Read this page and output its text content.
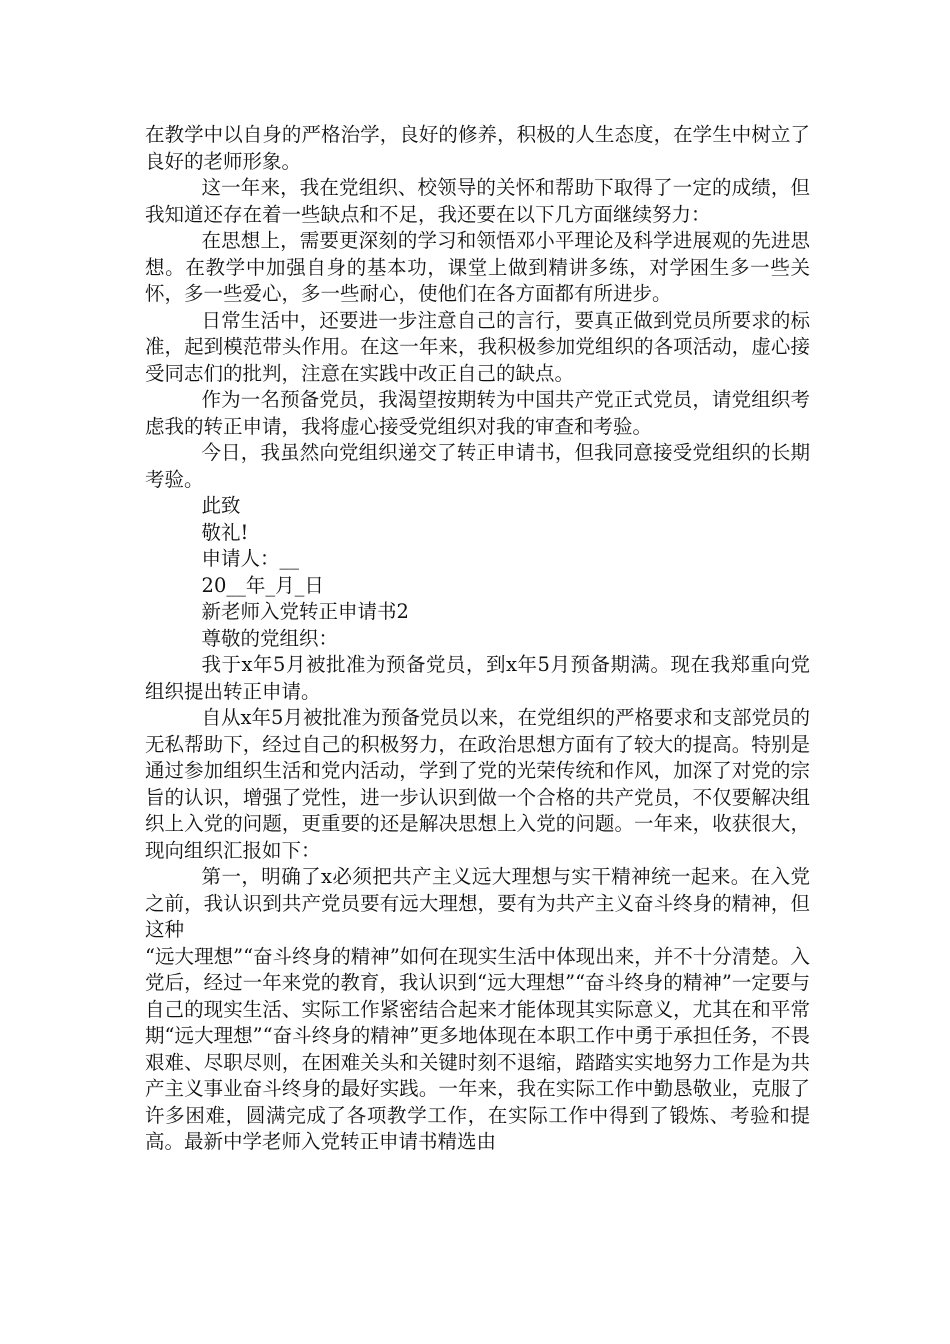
在教学中以自身的严格治学，良好的修养，积极的人生态度，在学生中树立了良好的老师形象。

这一年来，我在党组织、校领导的关怀和帮助下取得了一定的成绩，但我知道还存在着一些缺点和不足，我还要在以下几方面继续努力：

在思想上，需要更深刻的学习和领悟邓小平理论及科学进展观的先进思想。在教学中加强自身的基本功，课堂上做到精讲多练，对学困生多一些关怀，多一些爱心，多一些耐心，使他们在各方面都有所进步。

日常生活中，还要进一步注意自己的言行，要真正做到党员所要求的标准，起到模范带头作用。在这一年来，我积极参加党组织的各项活动，虚心接受同志们的批判，注意在实践中改正自己的缺点。

作为一名预备党员，我渴望按期转为中国共产党正式党员，请党组织考虑我的转正申请，我将虚心接受党组织对我的审查和考验。

今日，我虽然向党组织递交了转正申请书，但我同意接受党组织的长期考验。

此致

敬礼!

申请人：__

20__年_月_日

新老师入党转正申请书2

尊敬的党组织：

我于x年5月被批准为预备党员，到x年5月预备期满。现在我郑重向党组织提出转正申请。

自从x年5月被批准为预备党员以来，在党组织的严格要求和支部党员的无私帮助下，经过自己的积极努力，在政治思想方面有了较大的提高。特别是通过参加组织生活和党内活动，学到了党的光荣传统和作风，加深了对党的宗旨的认识，增强了党性，进一步认识到做一个合格的共产党员，不仅要解决组织上入党的问题，更重要的还是解决思想上入党的问题。一年来，收获很大，现向组织汇报如下：

第一，明确了x必须把共产主义远大理想与实干精神统一起来。在入党之前，我认识到共产党员要有远大理想，要有为共产主义奋斗终身的精神，但这种

“远大理想”“奋斗终身的精神”如何在现实生活中体现出来，并不十分清楚。入党后，经过一年来党的教育，我认识到“远大理想”“奋斗终身的精神”一定要与自己的现实生活、实际工作紧密结合起来才能体现其实际意义，尤其在和平常期“远大理想”“奋斗终身的精神”更多地体现在本职工作中勇于承担任务，不畏艰难、尽职尽则，在困难关头和关键时刻不退缩，踏踏实实地努力工作是为共产主义事业奋斗终身的最好实践。一年来，我在实际工作中勤恳敬业，克服了许多困难，圆满完成了各项教学工作，在实际工作中得到了锻炼、考验和提高。最新中学老师入党转正申请书精选由
